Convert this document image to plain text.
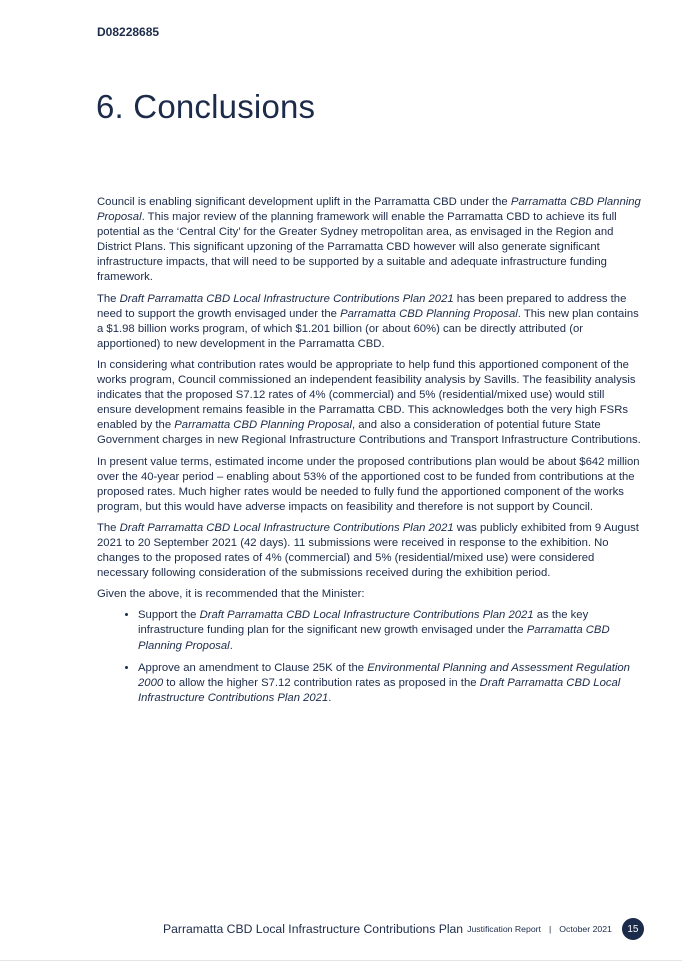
D08228685
6. Conclusions

Council is enabling significant development uplift in the Parramatta CBD under the Parramatta CBD Planning Proposal. This major review of the planning framework will enable the Parramatta CBD to achieve its full potential as the ‘Central City’ for the Greater Sydney metropolitan area, as envisaged in the Region and District Plans. This significant upzoning of the Parramatta CBD however will also generate significant infrastructure impacts, that will need to be supported by a suitable and adequate infrastructure funding framework.

The Draft Parramatta CBD Local Infrastructure Contributions Plan 2021 has been prepared to address the need to support the growth envisaged under the Parramatta CBD Planning Proposal. This new plan contains a $1.98 billion works program, of which $1.201 billion (or about 60%) can be directly attributed (or apportioned) to new development in the Parramatta CBD.

In considering what contribution rates would be appropriate to help fund this apportioned component of the works program, Council commissioned an independent feasibility analysis by Savills. The feasibility analysis indicates that the proposed S7.12 rates of 4% (commercial) and 5% (residential/mixed use) would still ensure development remains feasible in the Parramatta CBD. This acknowledges both the very high FSRs enabled by the Parramatta CBD Planning Proposal, and also a consideration of potential future State Government charges in new Regional Infrastructure Contributions and Transport Infrastructure Contributions.

In present value terms, estimated income under the proposed contributions plan would be about $642 million over the 40-year period – enabling about 53% of the apportioned cost to be funded from contributions at the proposed rates. Much higher rates would be needed to fully fund the apportioned component of the works program, but this would have adverse impacts on feasibility and therefore is not support by Council.

The Draft Parramatta CBD Local Infrastructure Contributions Plan 2021 was publicly exhibited from 9 August 2021 to 20 September 2021 (42 days). 11 submissions were received in response to the exhibition. No changes to the proposed rates of 4% (commercial) and 5% (residential/mixed use) were considered necessary following consideration of the submissions received during the exhibition period.

Given the above, it is recommended that the Minister:

• Support the Draft Parramatta CBD Local Infrastructure Contributions Plan 2021 as the key infrastructure funding plan for the significant new growth envisaged under the Parramatta CBD Planning Proposal.
• Approve an amendment to Clause 25K of the Environmental Planning and Assessment Regulation 2000 to allow the higher S7.12 contribution rates as proposed in the Draft Parramatta CBD Local Infrastructure Contributions Plan 2021.
Parramatta CBD Local Infrastructure Contributions Plan Justification Report | October 2021	15
